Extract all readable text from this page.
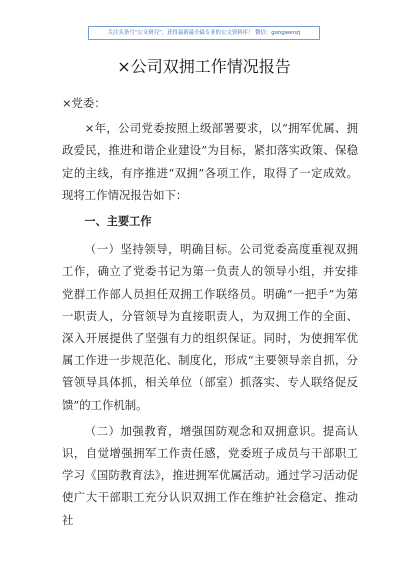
关注头条号“公文研究”，获得最新最全最专业的公文资料库！ 微信：gongwenzj
×公司双拥工作情况报告

×党委：

×年，公司党委按照上级部署要求，以“拥军优属、拥政爱民，推进和谐企业建设”为目标，紧扣落实政策、保稳定的主线，有序推进“双拥”各项工作，取得了一定成效。现将工作情况报告如下：

一、主要工作

（一）坚持领导，明确目标。公司党委高度重视双拥工作，确立了党委书记为第一负责人的领导小组，并安排党群工作部人员担任双拥工作联络员。明确“一把手”为第一职责人，分管领导为直接职责人，为双拥工作的全面、深入开展提供了坚强有力的组织保证。同时，为使拥军优属工作进一步规范化、制度化，形成“主要领导亲自抓，分管领导具体抓，相关单位（部室）抓落实、专人联络促反馈”的工作机制。

（二）加强教育，增强国防观念和双拥意识。提高认识，自觉增强拥军工作责任感，党委班子成员与干部职工学习《国防教育法》，推进拥军优属活动。通过学习活动促使广大干部职工充分认识双拥工作在维护社会稳定、推动社
